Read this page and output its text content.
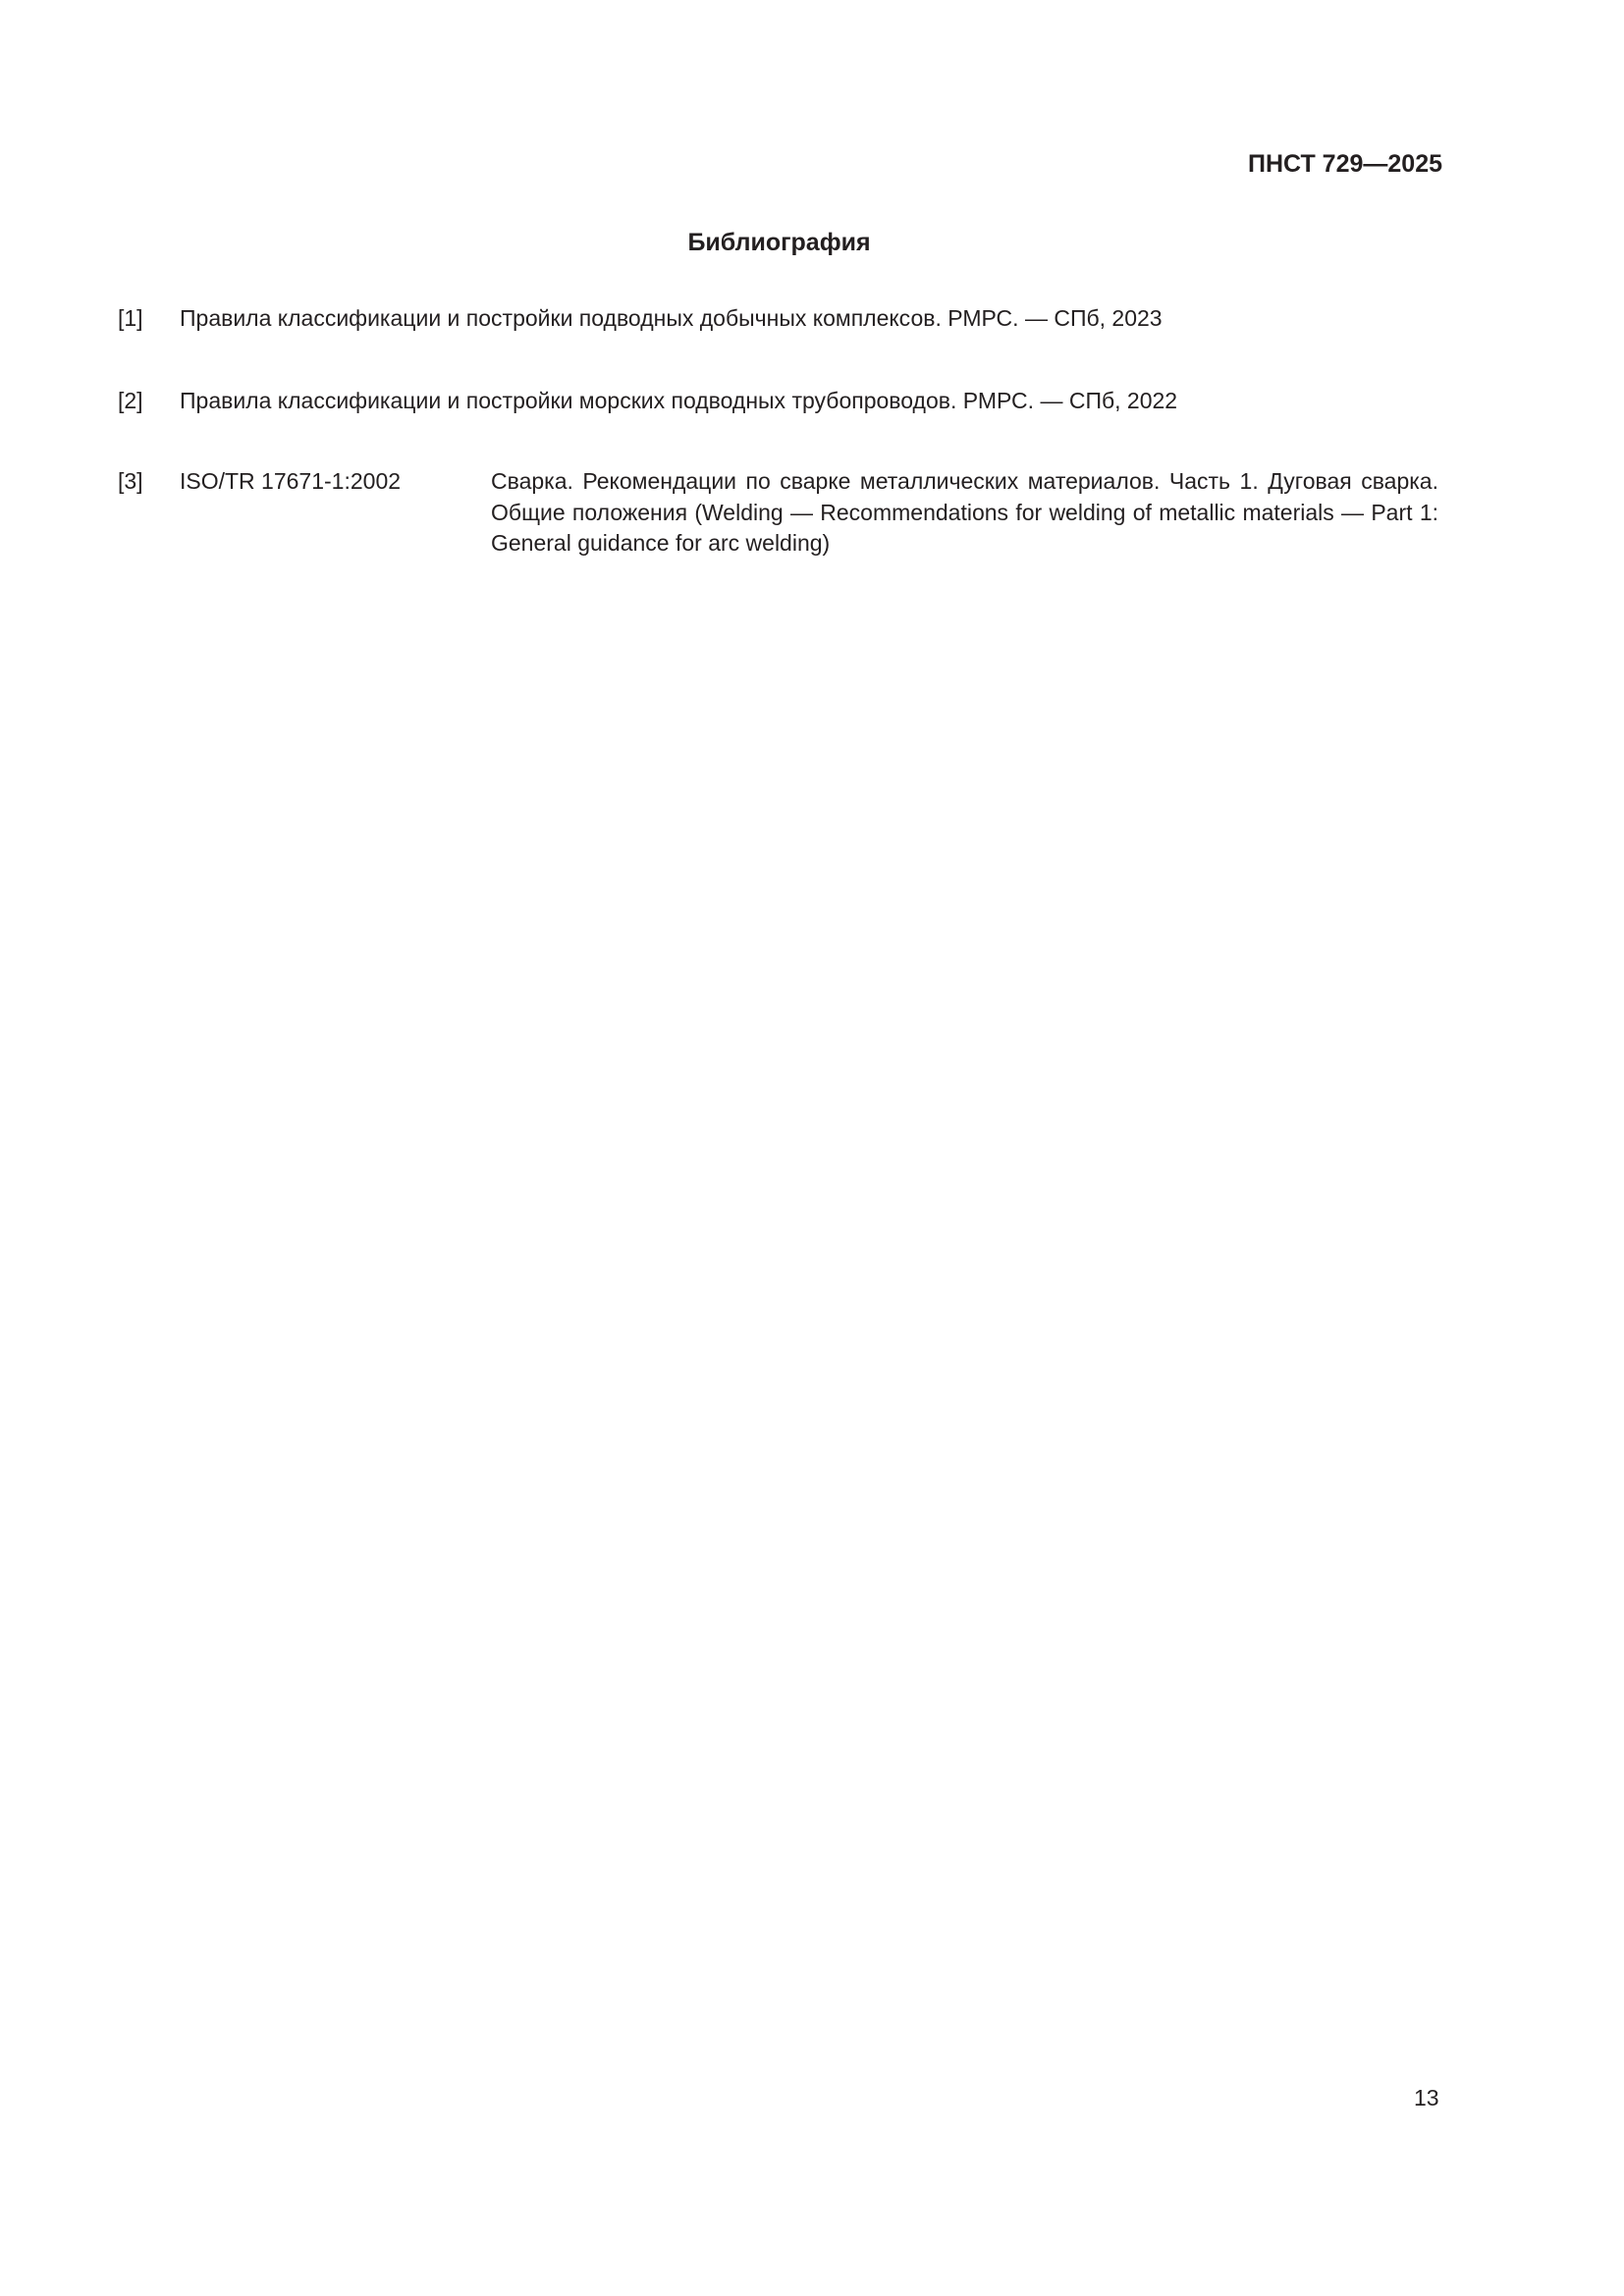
ПНСТ 729—2025
Библиография
[1] Правила классификации и постройки подводных добычных комплексов. РМРС. — СПб, 2023
[2] Правила классификации и постройки морских подводных трубопроводов. РМРС. — СПб, 2022
[3] ISO/TR 17671-1:2002	Сварка. Рекомендации по сварке металлических материалов. Часть 1. Дуговая сварка. Общие положения (Welding — Recommendations for welding of metallic materials — Part 1: General guidance for arc welding)
13
